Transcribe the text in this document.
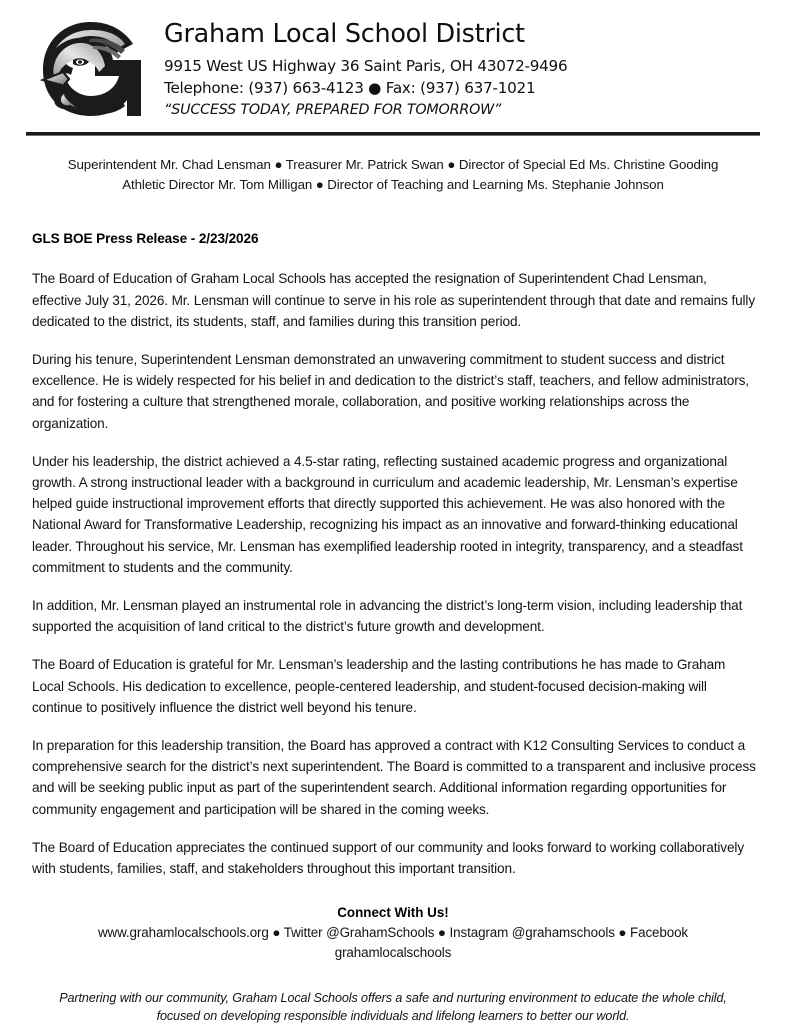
Graham Local School District
9915 West US Highway 36 Saint Paris, OH 43072-9496
Telephone: (937) 663-4123 ● Fax: (937) 637-1021
“SUCCESS TODAY, PREPARED FOR TOMORROW”
Superintendent Mr. Chad Lensman ● Treasurer Mr. Patrick Swan ● Director of Special Ed Ms. Christine Gooding
Athletic Director Mr. Tom Milligan ● Director of Teaching and Learning Ms. Stephanie Johnson
GLS BOE Press Release - 2/23/2026

The Board of Education of Graham Local Schools has accepted the resignation of Superintendent Chad Lensman, effective July 31, 2026. Mr. Lensman will continue to serve in his role as superintendent through that date and remains fully dedicated to the district, its students, staff, and families during this transition period.

During his tenure, Superintendent Lensman demonstrated an unwavering commitment to student success and district excellence. He is widely respected for his belief in and dedication to the district’s staff, teachers, and fellow administrators, and for fostering a culture that strengthened morale, collaboration, and positive working relationships across the organization.

Under his leadership, the district achieved a 4.5-star rating, reflecting sustained academic progress and organizational growth. A strong instructional leader with a background in curriculum and academic leadership, Mr. Lensman’s expertise helped guide instructional improvement efforts that directly supported this achievement. He was also honored with the National Award for Transformative Leadership, recognizing his impact as an innovative and forward-thinking educational leader. Throughout his service, Mr. Lensman has exemplified leadership rooted in integrity, transparency, and a steadfast commitment to students and the community.

In addition, Mr. Lensman played an instrumental role in advancing the district’s long-term vision, including leadership that supported the acquisition of land critical to the district’s future growth and development.

The Board of Education is grateful for Mr. Lensman’s leadership and the lasting contributions he has made to Graham Local Schools. His dedication to excellence, people-centered leadership, and student-focused decision-making will continue to positively influence the district well beyond his tenure.

In preparation for this leadership transition, the Board has approved a contract with K12 Consulting Services to conduct a comprehensive search for the district’s next superintendent. The Board is committed to a transparent and inclusive process and will be seeking public input as part of the superintendent search. Additional information regarding opportunities for community engagement and participation will be shared in the coming weeks.

The Board of Education appreciates the continued support of our community and looks forward to working collaboratively with students, families, staff, and stakeholders throughout this important transition.

Connect With Us!
www.grahamlocalschools.org ● Twitter @GrahamSchools ● Instagram @grahamschools ● Facebook grahamlocalschools
Partnering with our community, Graham Local Schools offers a safe and nurturing environment to educate the whole child, focused on developing responsible individuals and lifelong learners to better our world.
